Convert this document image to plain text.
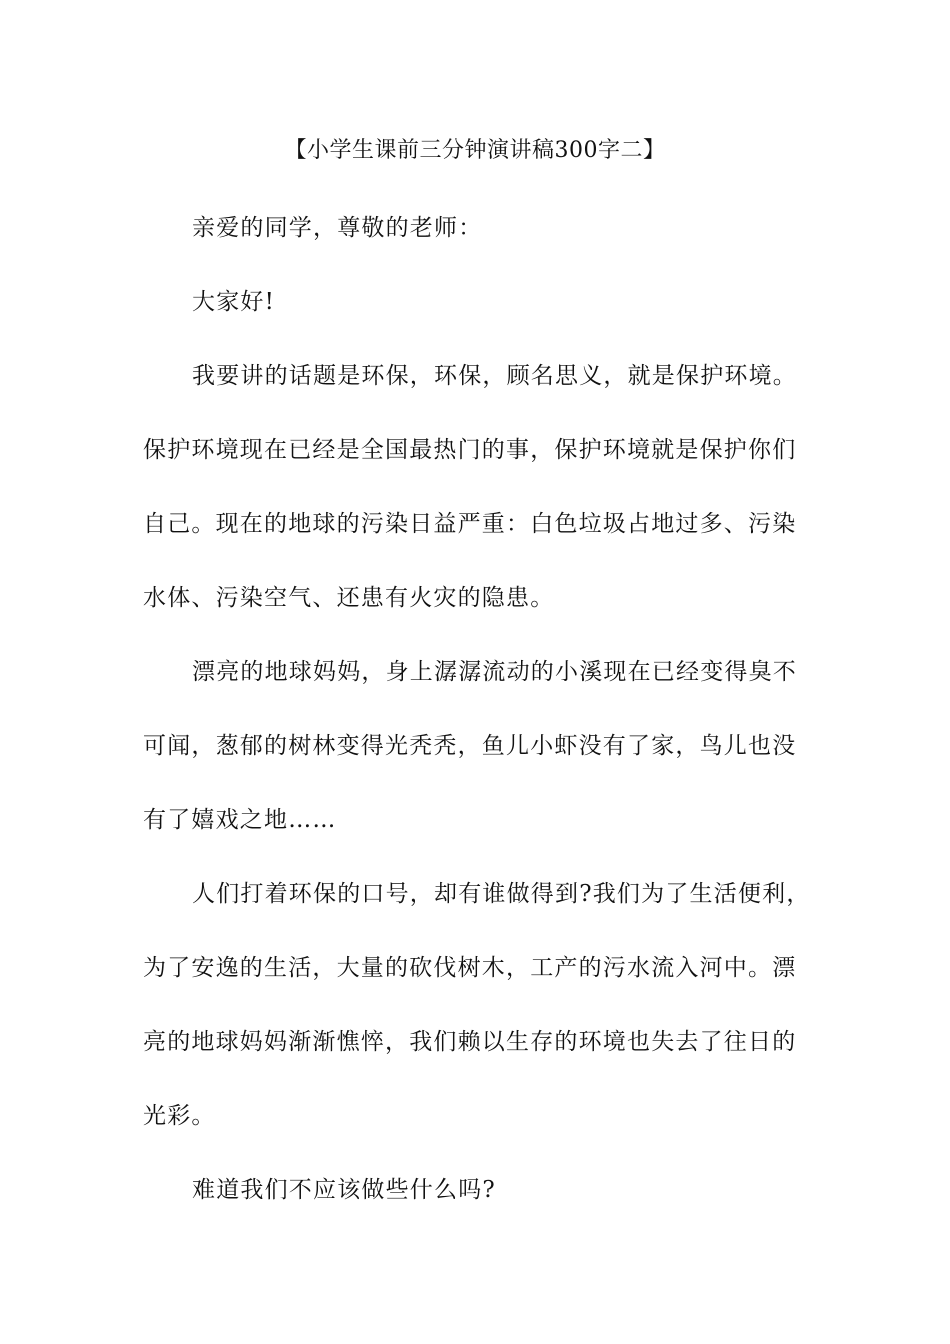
【小学生课前三分钟演讲稿300字二】
亲爱的同学，尊敬的老师：
大家好!
我要讲的话题是环保，环保，顾名思义，就是保护环境。
保护环境现在已经是全国最热门的事，保护环境就是保护你们
自己。现在的地球的污染日益严重：白色垃圾占地过多、污染
水体、污染空气、还患有火灾的隐患。
漂亮的地球妈妈，身上潺潺流动的小溪现在已经变得臭不
可闻，葱郁的树林变得光秃秃，鱼儿小虾没有了家，鸟儿也没
有了嬉戏之地……
人们打着环保的口号，却有谁做得到?我们为了生活便利，
为了安逸的生活，大量的砍伐树木，工产的污水流入河中。漂
亮的地球妈妈渐渐憔悴，我们赖以生存的环境也失去了往日的
光彩。
难道我们不应该做些什么吗?
